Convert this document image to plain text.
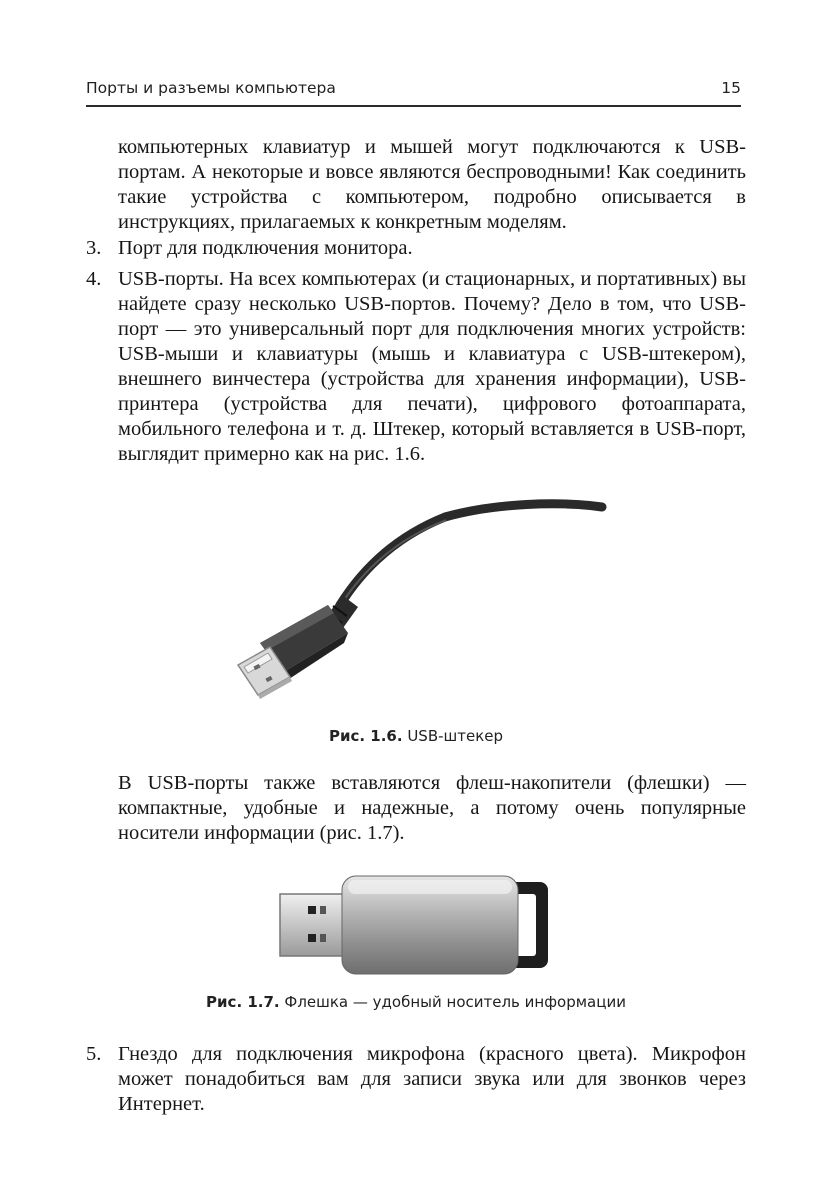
Порты и разъемы компьютера	15
компьютерных клавиатур и мышей могут подключаются к USB-портам. А некоторые и вовсе являются беспроводными! Как соединить такие устройства с компьютером, подробно описывается в инструкциях, прилагаемых к конкретным моделям.
3. Порт для подключения монитора.
4. USB-порты. На всех компьютерах (и стационарных, и портативных) вы найдете сразу несколько USB-портов. Почему? Дело в том, что USB-порт — это универсальный порт для подключения многих устройств: USB-мыши и клавиатуры (мышь и клавиатура с USB-штекером), внешнего винчестера (устройства для хранения информации), USB-принтера (устройства для печати), цифрового фотоаппарата, мобильного телефона и т. д. Штекер, который вставляется в USB-порт, выглядит примерно как на рис. 1.6.
Рис. 1.6. USB-штекер
В USB-порты также вставляются флеш-накопители (флешки) — компактные, удобные и надежные, а потому очень популярные носители информации (рис. 1.7).
Рис. 1.7. Флешка — удобный носитель информации
5. Гнездо для подключения микрофона (красного цвета). Микрофон может понадобиться вам для записи звука или для звонков через Интернет.
